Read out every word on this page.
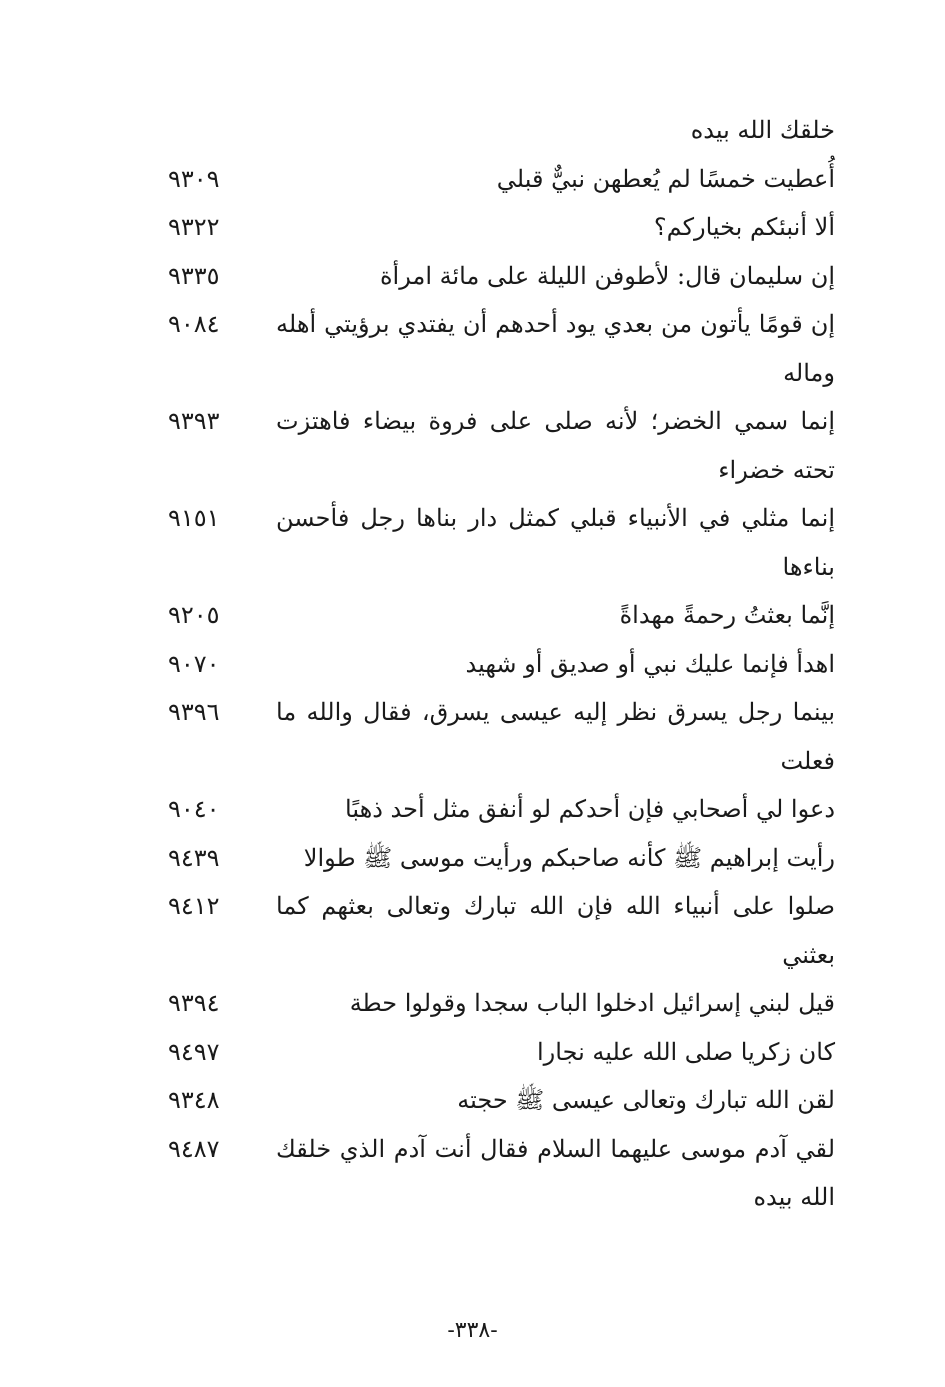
خلقك الله بيده
٩٣٠٩	أُعطيت خمسًا لم يُعطهن نبيٌّ قبلي
٩٣٢٢	ألا أنبئكم بخياركم؟
٩٣٣٥	إن سليمان قال: لأطوفن الليلة على مائة امرأة
٩٠٨٤	إن قومًا يأتون من بعدي يود أحدهم أن يفتدي برؤيتي أهله وماله
٩٣٩٣	إنما سمي الخضر؛ لأنه صلى على فروة بيضاء فاهتزت تحته خضراء
٩١٥١	إنما مثلي في الأنبياء قبلي كمثل دار بناها رجل فأحسن بناءها
٩٢٠٥	إنَّما بعثتُ رحمةً مهداةً
٩٠٧٠	اهدأ فإنما عليك نبي أو صديق أو شهيد
٩٣٩٦	بينما رجل يسرق نظر إليه عيسى يسرق، فقال والله ما فعلت
٩٠٤٠	دعوا لي أصحابي فإن أحدكم لو أنفق مثل أحد ذهبًا
٩٤٣٩	رأيت إبراهيم ﷺ كأنه صاحبكم ورأيت موسى ﷺ طوالا
٩٤١٢	صلوا على أنبياء الله فإن الله تبارك وتعالى بعثهم كما بعثني
٩٣٩٤	قيل لبني إسرائيل ادخلوا الباب سجدا وقولوا حطة
٩٤٩٧	كان زكريا صلى الله عليه نجارا
٩٣٤٨	لقن الله تبارك وتعالى عيسى ﷺ حجته
٩٤٨٧	لقي آدم موسى عليهما السلام فقال أنت آدم الذي خلقك الله بيده
-٣٣٨-
